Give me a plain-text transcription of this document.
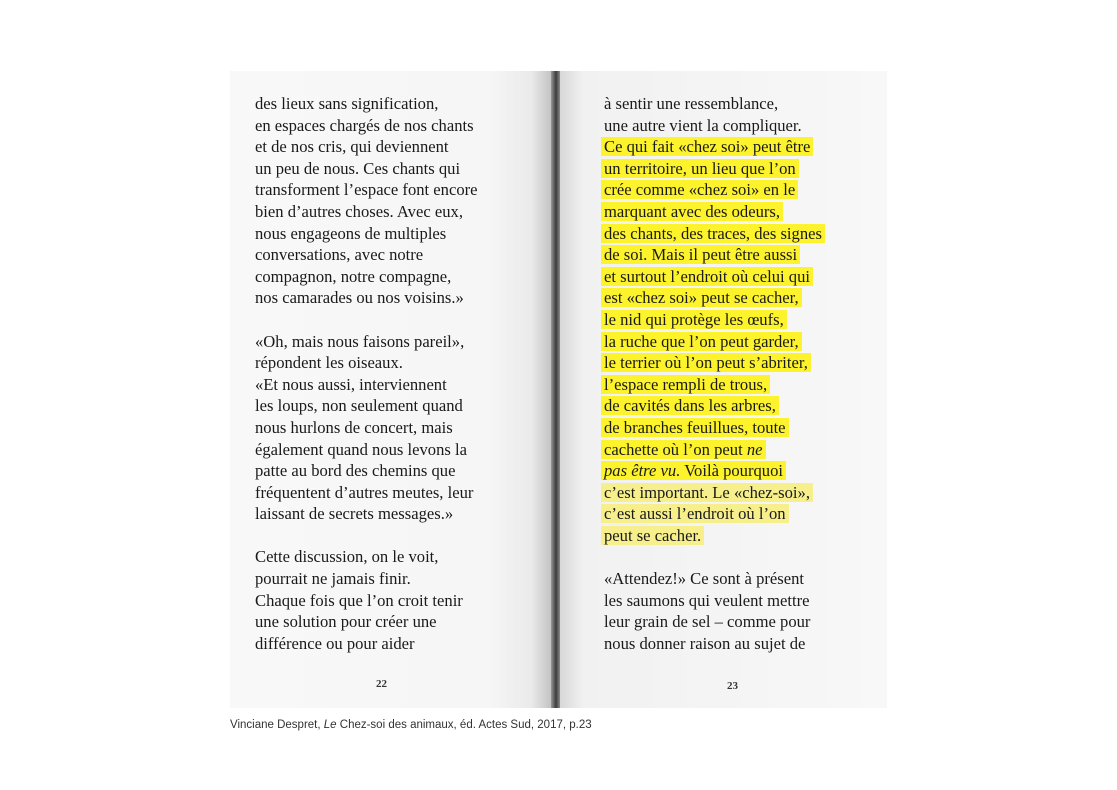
22	23
des lieux sans signification,
en espaces chargés de nos chants
et de nos cris, qui deviennent
un peu de nous. Ces chants qui
transforment l’espace font encore
bien d’autres choses. Avec eux,
nous engageons de multiples
conversations, avec notre
compagnon, notre compagne,
nos camarades ou nos voisins.»
«Oh, mais nous faisons pareil»,
répondent les oiseaux.
«Et nous aussi, interviennent
les loups, non seulement quand
nous hurlons de concert, mais
également quand nous levons la
patte au bord des chemins que
fréquentent d’autres meutes, leur
laissant de secrets messages.»
Cette discussion, on le voit,
pourrait ne jamais finir.
Chaque fois que l’on croit tenir
une solution pour créer une
différence ou pour aider
à sentir une ressemblance,
une autre vient la compliquer.
Ce qui fait «chez soi» peut être
un territoire, un lieu que l’on
crée comme «chez soi» en le
marquant avec des odeurs,
des chants, des traces, des signes
de soi. Mais il peut être aussi
et surtout l’endroit où celui qui
est «chez soi» peut se cacher,
le nid qui protège les œufs,
la ruche que l’on peut garder,
le terrier où l’on peut s’abriter,
l’espace rempli de trous,
de cavités dans les arbres,
de branches feuillues, toute
cachette où l’on peut ne
pas être vu. Voilà pourquoi
c’est important. Le «chez-soi»,
c’est aussi l’endroit où l’on
peut se cacher.
«Attendez!» Ce sont à présent
les saumons qui veulent mettre
leur grain de sel – comme pour
nous donner raison au sujet de
Vinciane Despret, Le Chez-soi des animaux, éd. Actes Sud, 2017, p.23
